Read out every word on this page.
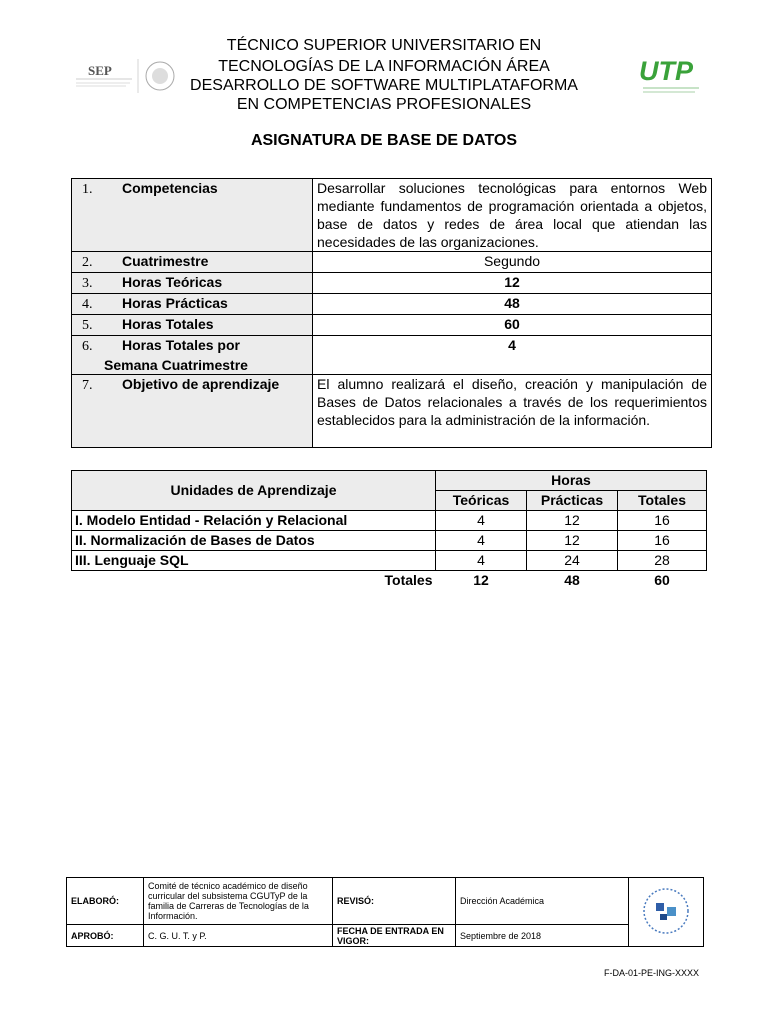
SEP	UTP
TÉCNICO SUPERIOR UNIVERSITARIO EN
TECNOLOGÍAS DE LA INFORMACIÓN ÁREA
DESARROLLO DE SOFTWARE MULTIPLATAFORMA
EN COMPETENCIAS PROFESIONALES
ASIGNATURA DE BASE DE DATOS
1. Competencias	Desarrollar soluciones tecnológicas para entornos Web mediante fundamentos de programación orientada a objetos, base de datos y redes de área local que atiendan las necesidades de las organizaciones.
2. Cuatrimestre	Segundo
3. Horas Teóricas	12
4. Horas Prácticas	48
5. Horas Totales	60
6. Horas Totales por
Semana Cuatrimestre	4
7. Objetivo de aprendizaje	El alumno realizará el diseño, creación y manipulación de Bases de Datos relacionales a través de los requerimientos establecidos para la administración de la información.
Unidades de Aprendizaje	Horas		
	Teóricas	Prácticas	Totales
I. Modelo Entidad - Relación y Relacional	4	12	16
II. Normalización de Bases de Datos	4	12	16
III. Lenguaje SQL	4	24	28
Totales	12	48	60
ELABORÓ:	Comité de técnico académico de diseño curricular del subsistema CGUTyP de la familia de Carreras de Tecnologías de la Información.	REVISÓ:	Dirección Académica	
APROBÓ:	C. G. U. T. y P.	FECHA DE ENTRADA EN VIGOR:	Septiembre de 2018	
F-DA-01-PE-ING-XXXX
